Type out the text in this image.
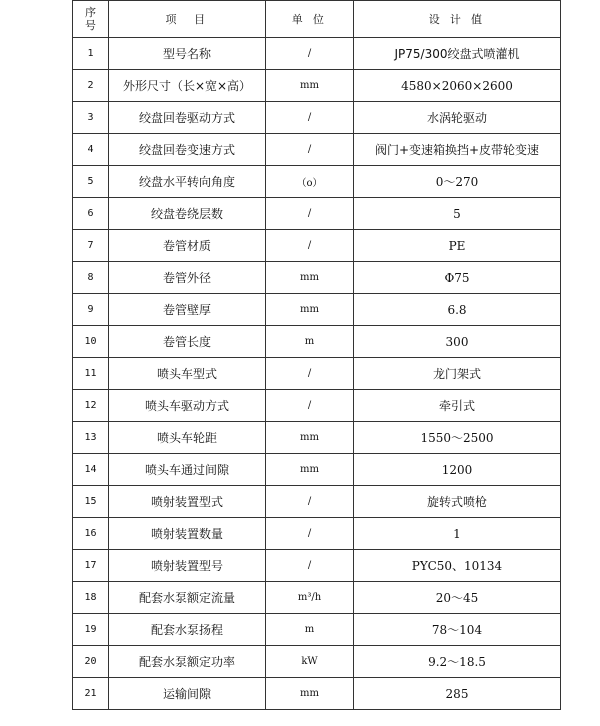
序
号	项　目	单 位	设 计 值
1	型号名称	/	JP75/300绞盘式喷灌机
2	外形尺寸（长×宽×高）	mm	4580×2060×2600
3	绞盘回卷驱动方式	/	水涡轮驱动
4	绞盘回卷变速方式	/	阀门+变速箱换挡+皮带轮变速
5	绞盘水平转向角度	（o）	0～270
6	绞盘卷绕层数	/	5
7	卷管材质	/	PE
8	卷管外径	mm	Φ75
9	卷管壁厚	mm	6.8
10	卷管长度	m	300
11	喷头车型式	/	龙门架式
12	喷头车驱动方式	/	牵引式
13	喷头车轮距	mm	1550～2500
14	喷头车通过间隙	mm	1200
15	喷射装置型式	/	旋转式喷枪
16	喷射装置数量	/	1
17	喷射装置型号	/	PYC50、10134
18	配套水泵额定流量	m³/h	20～45
19	配套水泵扬程	m	78～104
20	配套水泵额定功率	kW	9.2～18.5
21	运输间隙	mm	285
